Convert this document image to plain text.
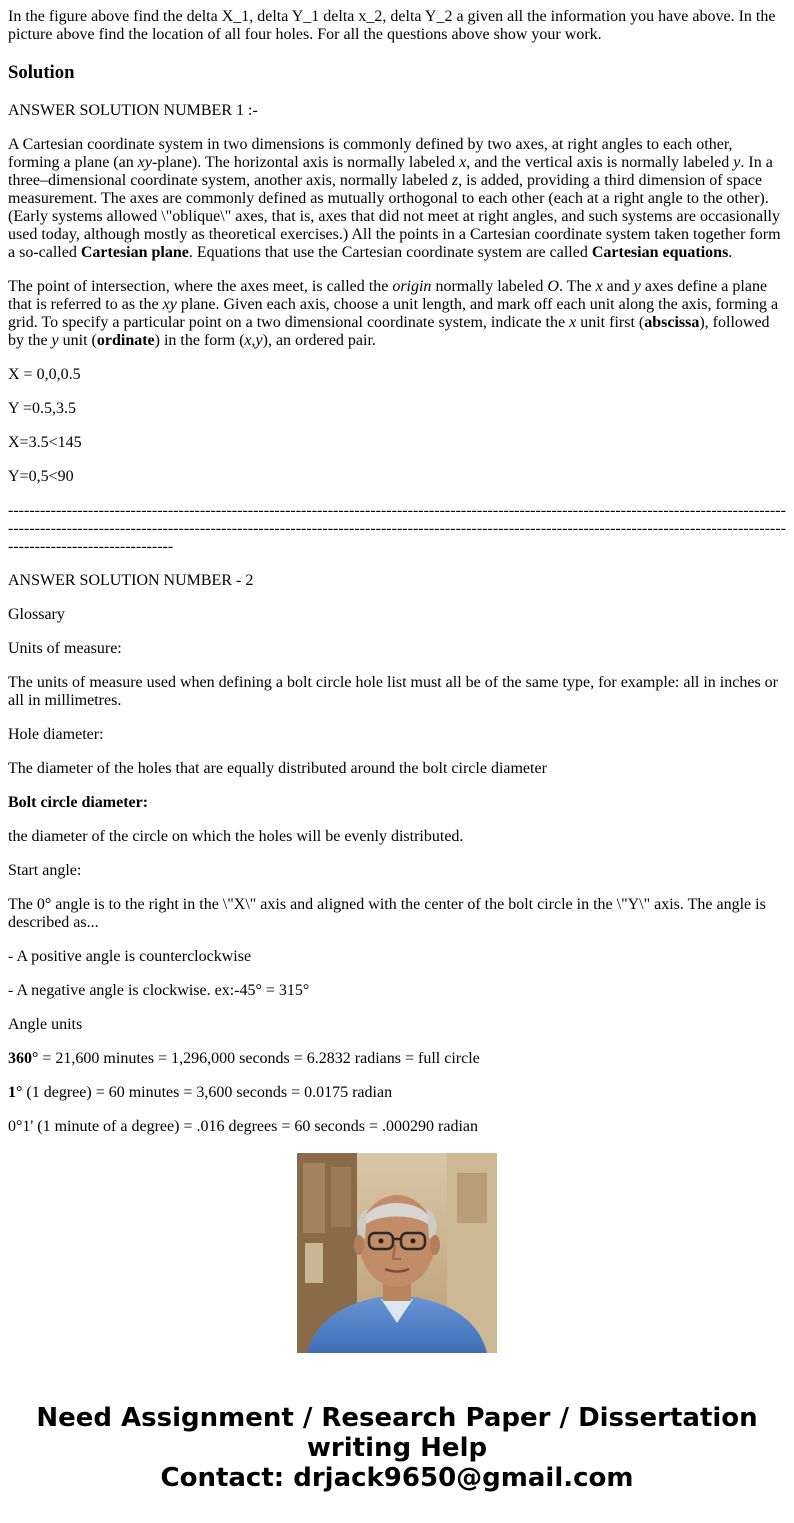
In the figure above find the delta X_1, delta Y_1 delta x_2, delta Y_2 a given all the information you have above. In the picture above find the location of all four holes. For all the questions above show your work.

Solution

ANSWER SOLUTION NUMBER 1 :-

A Cartesian coordinate system in two dimensions is commonly defined by two axes, at right angles to each other, forming a plane (an xy-plane). The horizontal axis is normally labeled x, and the vertical axis is normally labeled y. In a three–dimensional coordinate system, another axis, normally labeled z, is added, providing a third dimension of space measurement. The axes are commonly defined as mutually orthogonal to each other (each at a right angle to the other). (Early systems allowed \"oblique\" axes, that is, axes that did not meet at right angles, and such systems are occasionally used today, although mostly as theoretical exercises.) All the points in a Cartesian coordinate system taken together form a so-called Cartesian plane. Equations that use the Cartesian coordinate system are called Cartesian equations.

The point of intersection, where the axes meet, is called the origin normally labeled O. The x and y axes define a plane that is referred to as the xy plane. Given each axis, choose a unit length, and mark off each unit along the axis, forming a grid. To specify a particular point on a two dimensional coordinate system, indicate the x unit first (abscissa), followed by the y unit (ordinate) in the form (x,y), an ordered pair.

X = 0,0,0.5

Y =0.5,3.5

X=3.5<145

Y=0,5<90

-----------------------------------------------------------------------------------------------------------------------------------------------------------------------------------------------------------------------------------------------------------------------------------------------------------------------------------

ANSWER SOLUTION NUMBER - 2

Glossary

Units of measure:

The units of measure used when defining a bolt circle hole list must all be of the same type, for example: all in inches or all in millimetres.

Hole diameter:

The diameter of the holes that are equally distributed around the bolt circle diameter

Bolt circle diameter:

the diameter of the circle on which the holes will be evenly distributed.

Start angle:

The 0° angle is to the right in the \"X\" axis and aligned with the center of the bolt circle in the \"Y\" axis. The angle is described as...

- A positive angle is counterclockwise

- A negative angle is clockwise. ex:-45° = 315°

Angle units

360° = 21,600 minutes = 1,296,000 seconds = 6.2832 radians = full circle

1° (1 degree) = 60 minutes = 3,600 seconds = 0.0175 radian

0°1' (1 minute of a degree) = .016 degrees = 60 seconds = .000290 radian

Need Assignment / Research Paper / Dissertation
writing Help
Contact: drjack9650@gmail.com
